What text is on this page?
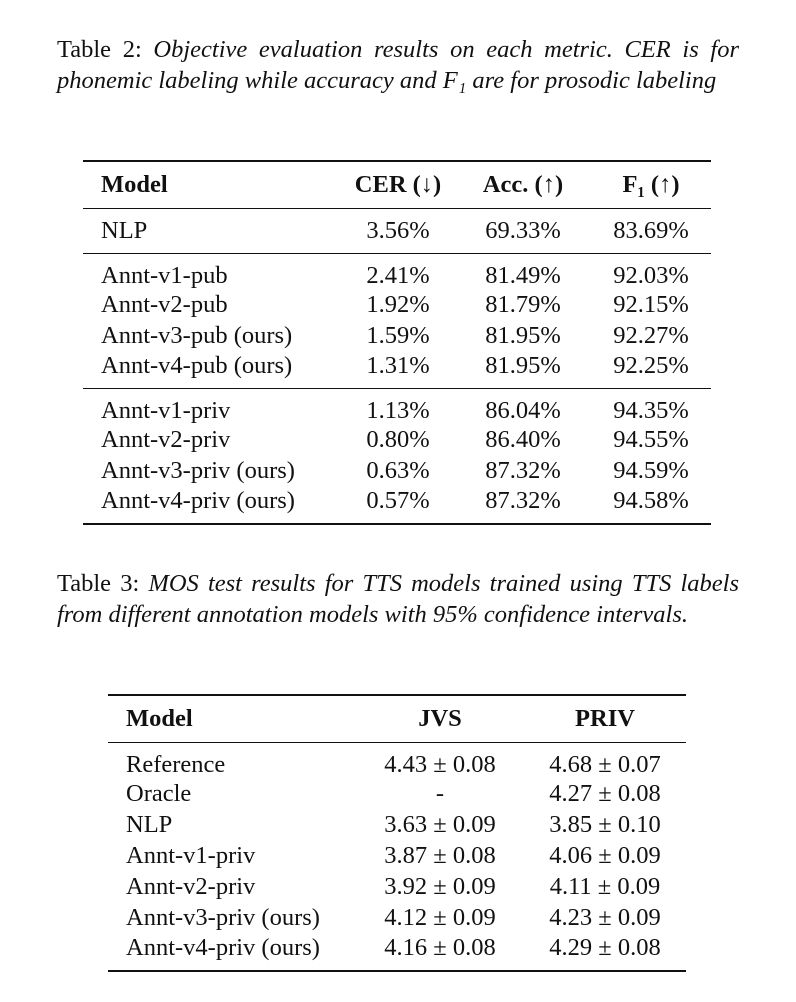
Table 2: Objective evaluation results on each metric. CER is for phonemic labeling while accuracy and F₁ are for prosodic labeling
Model	CER (↓)	Acc. (↑)	F₁ (↑)
NLP	3.56%	69.33%	83.69%
Annt-v1-pub	2.41%	81.49%	92.03%
Annt-v2-pub	1.92%	81.79%	92.15%
Annt-v3-pub (ours)	1.59%	81.95%	92.27%
Annt-v4-pub (ours)	1.31%	81.95%	92.25%
Annt-v1-priv	1.13%	86.04%	94.35%
Annt-v2-priv	0.80%	86.40%	94.55%
Annt-v3-priv (ours)	0.63%	87.32%	94.59%
Annt-v4-priv (ours)	0.57%	87.32%	94.58%
Table 3: MOS test results for TTS models trained using TTS labels from different annotation models with 95% confidence intervals.
Model	JVS	PRIV
Reference	4.43 ± 0.08	4.68 ± 0.07
Oracle	-	4.27 ± 0.08
NLP	3.63 ± 0.09	3.85 ± 0.10
Annt-v1-priv	3.87 ± 0.08	4.06 ± 0.09
Annt-v2-priv	3.92 ± 0.09	4.11 ± 0.09
Annt-v3-priv (ours)	4.12 ± 0.09	4.23 ± 0.09
Annt-v4-priv (ours)	4.16 ± 0.08	4.29 ± 0.08
